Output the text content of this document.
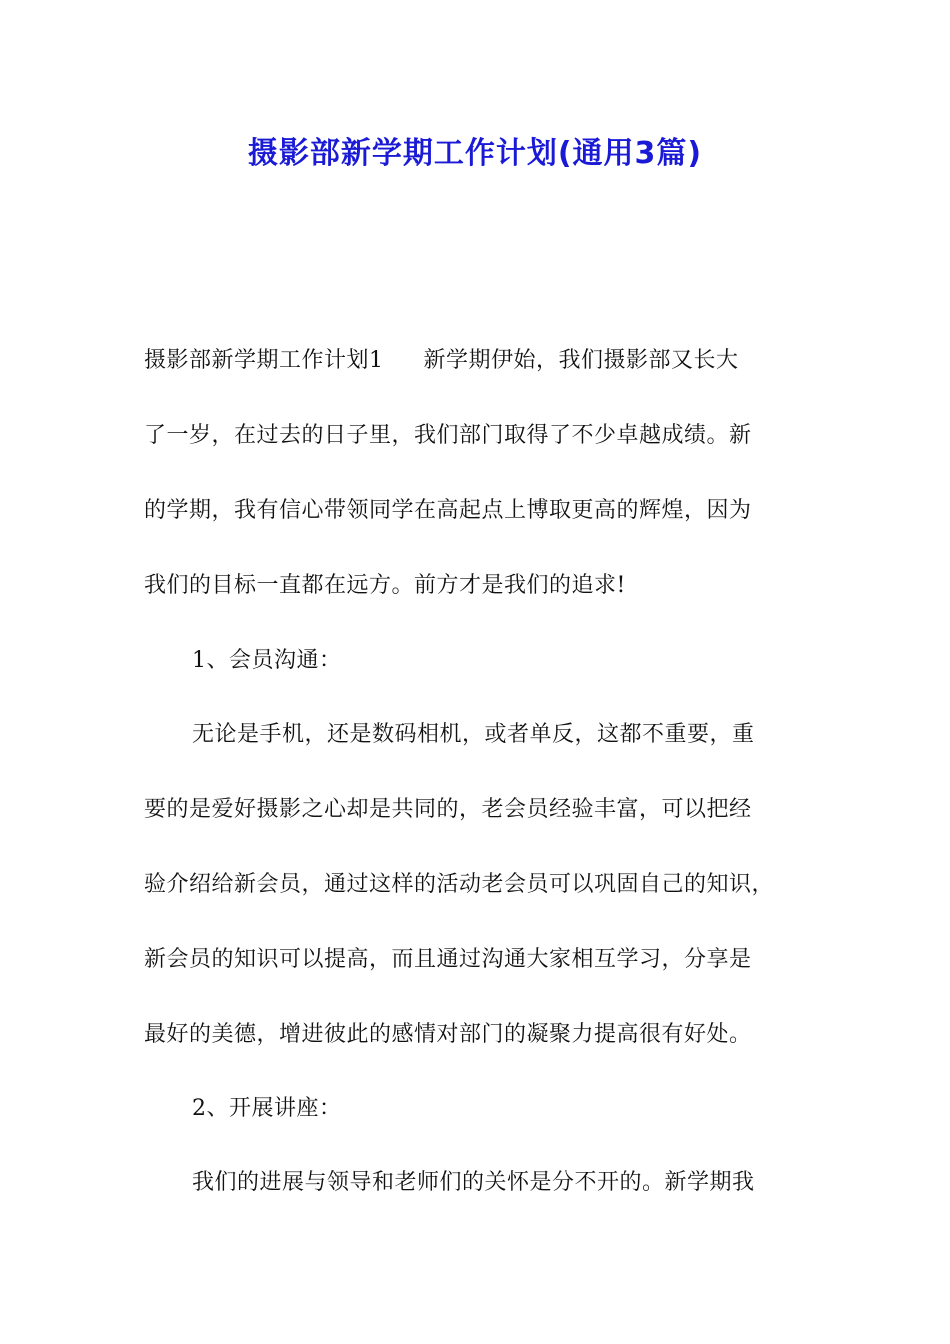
摄影部新学期工作计划(通用3篇)
摄影部新学期工作计划1 新学期伊始，我们摄影部又长大
了一岁，在过去的日子里，我们部门取得了不少卓越成绩。新
的学期，我有信心带领同学在高起点上博取更高的辉煌，因为
我们的目标一直都在远方。前方才是我们的追求!
1、会员沟通：
无论是手机，还是数码相机，或者单反，这都不重要，重
要的是爱好摄影之心却是共同的，老会员经验丰富，可以把经
验介绍给新会员，通过这样的活动老会员可以巩固自己的知识，
新会员的知识可以提高，而且通过沟通大家相互学习，分享是
最好的美德，增进彼此的感情对部门的凝聚力提高很有好处。
2、开展讲座：
我们的进展与领导和老师们的关怀是分不开的。新学期我
